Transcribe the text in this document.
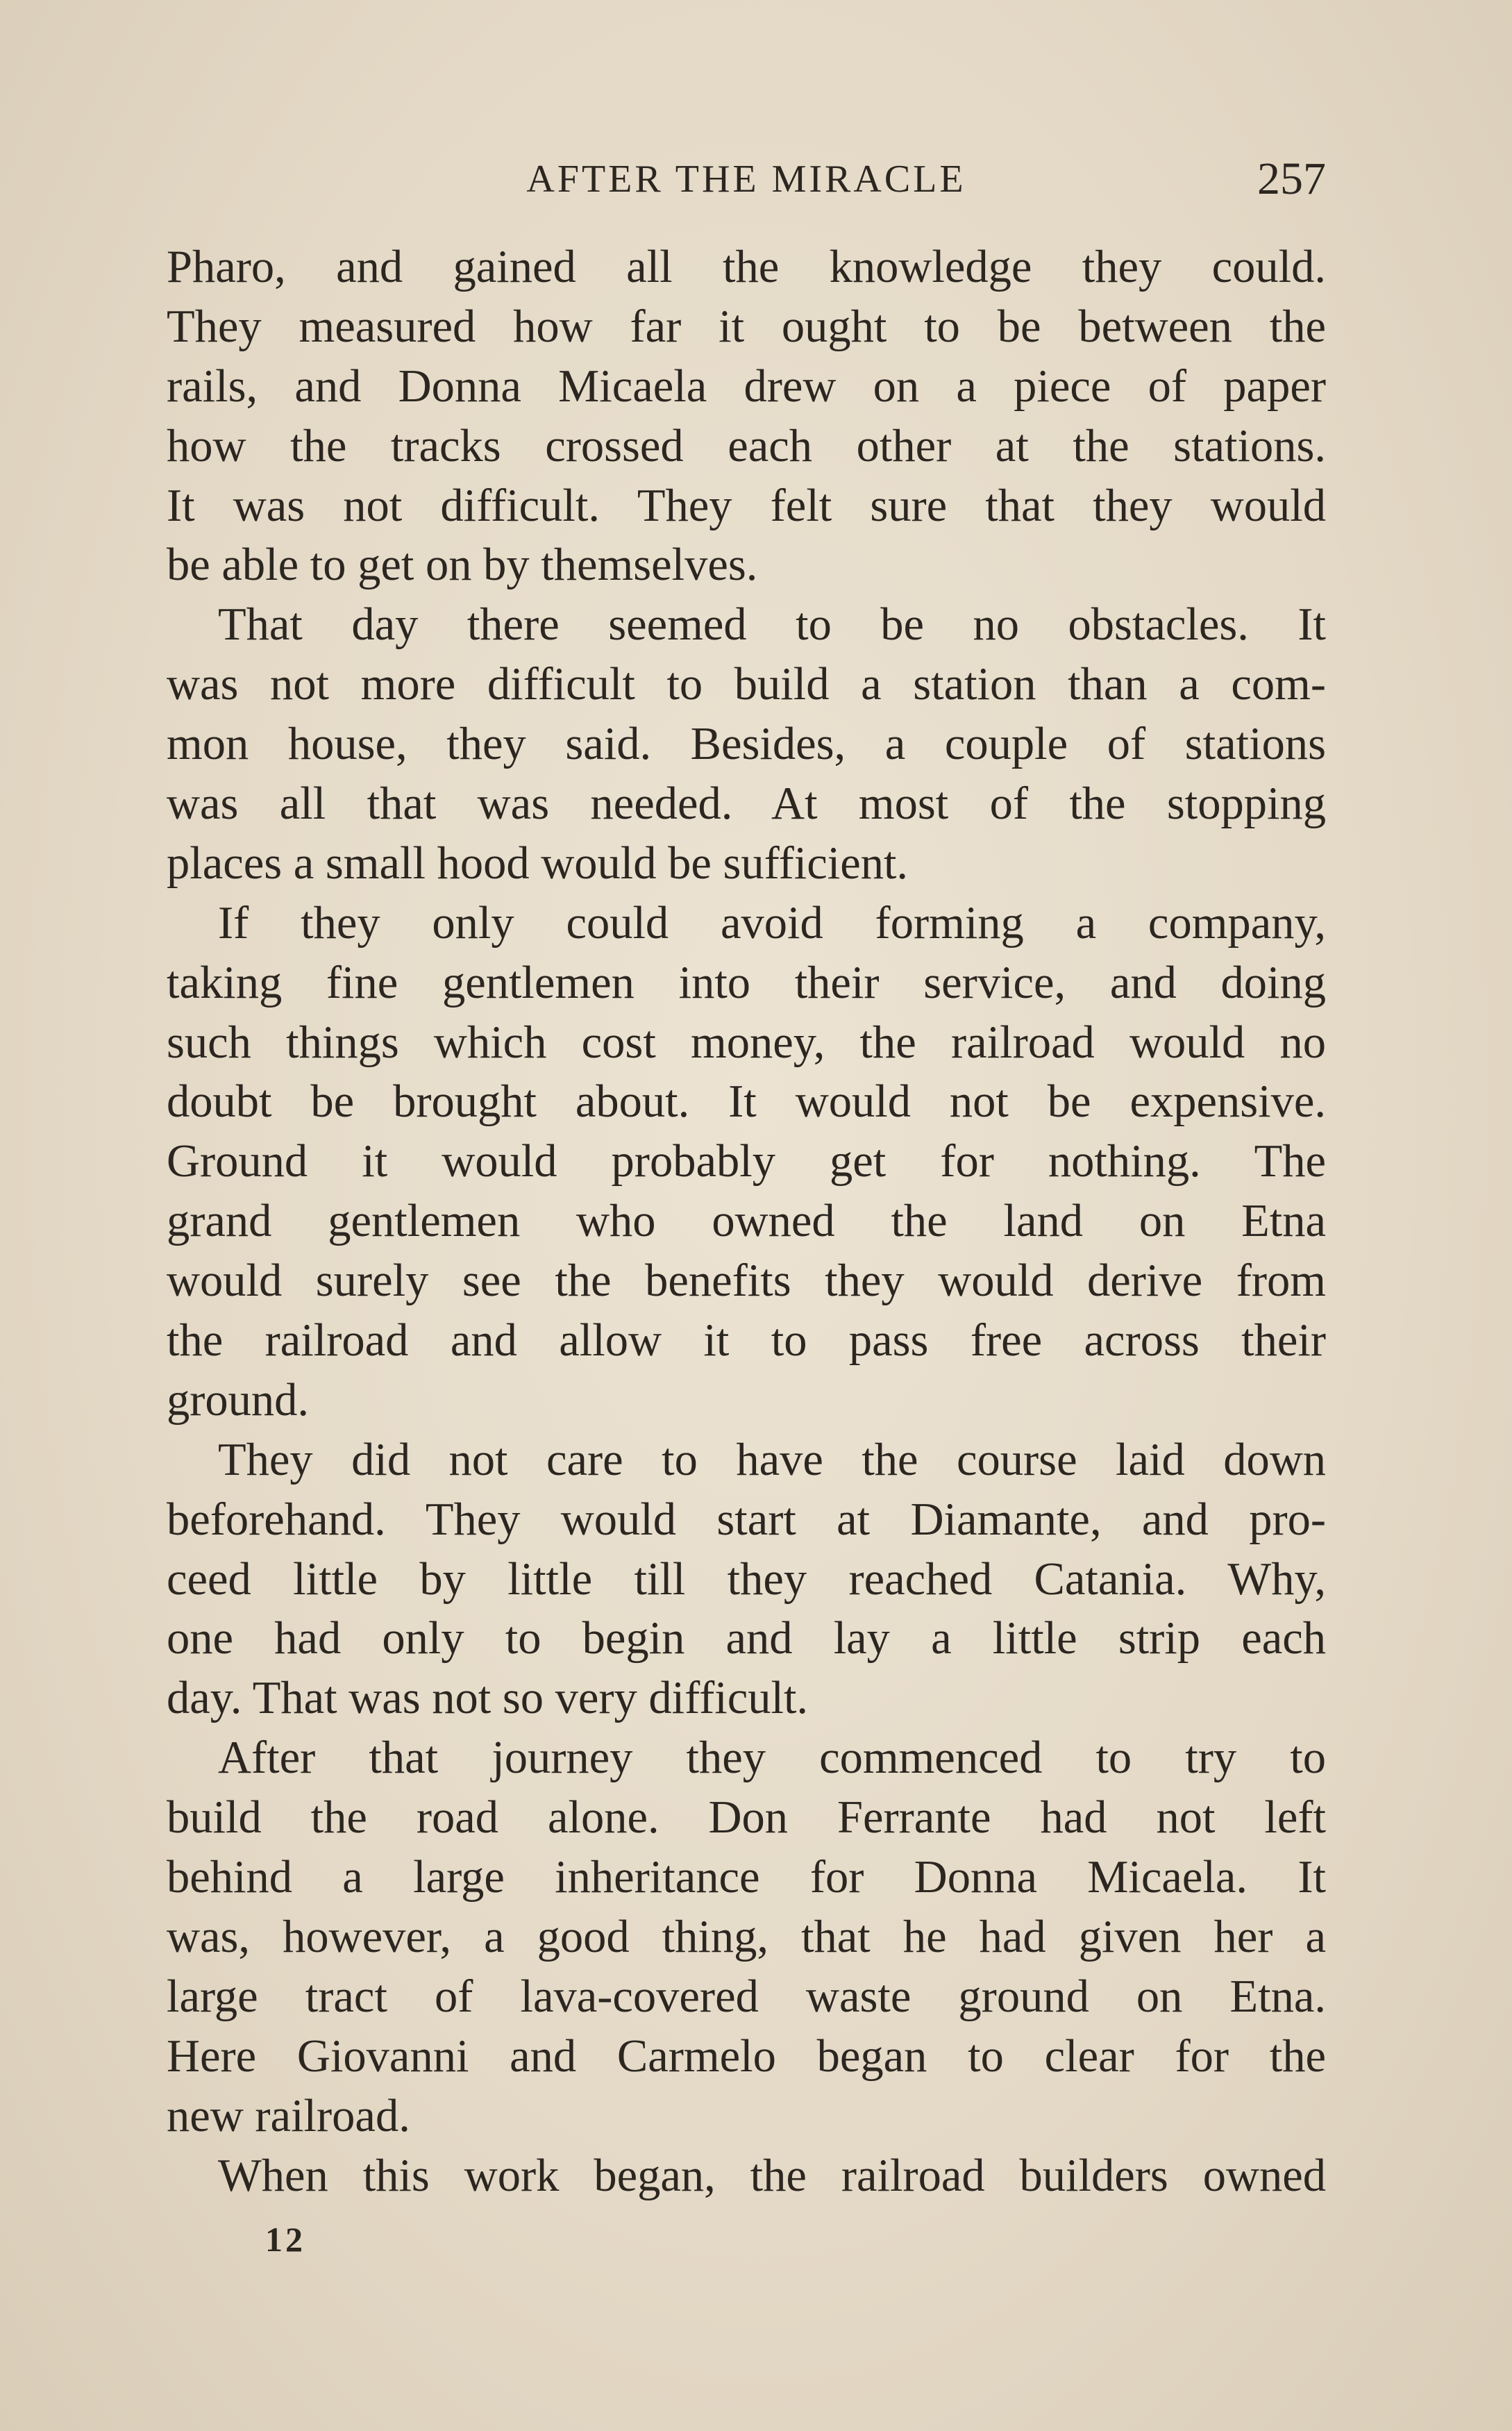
AFTER THE MIRACLE	257
Pharo, and gained all the knowledge they could.
They measured how far it ought to be between the
rails, and Donna Micaela drew on a piece of paper
how the tracks crossed each other at the stations.
It was not difficult. They felt sure that they would
be able to get on by themselves.
That day there seemed to be no obstacles. It
was not more difficult to build a station than a com-
mon house, they said. Besides, a couple of stations
was all that was needed. At most of the stopping
places a small hood would be sufficient.
If they only could avoid forming a company,
taking fine gentlemen into their service, and doing
such things which cost money, the railroad would no
doubt be brought about. It would not be expensive.
Ground it would probably get for nothing. The
grand gentlemen who owned the land on Etna
would surely see the benefits they would derive from
the railroad and allow it to pass free across their
ground.
They did not care to have the course laid down
beforehand. They would start at Diamante, and pro-
ceed little by little till they reached Catania. Why,
one had only to begin and lay a little strip each
day. That was not so very difficult.
After that journey they commenced to try to
build the road alone. Don Ferrante had not left
behind a large inheritance for Donna Micaela. It
was, however, a good thing, that he had given her a
large tract of lava-covered waste ground on Etna.
Here Giovanni and Carmelo began to clear for the
new railroad.
When this work began, the railroad builders owned
12
